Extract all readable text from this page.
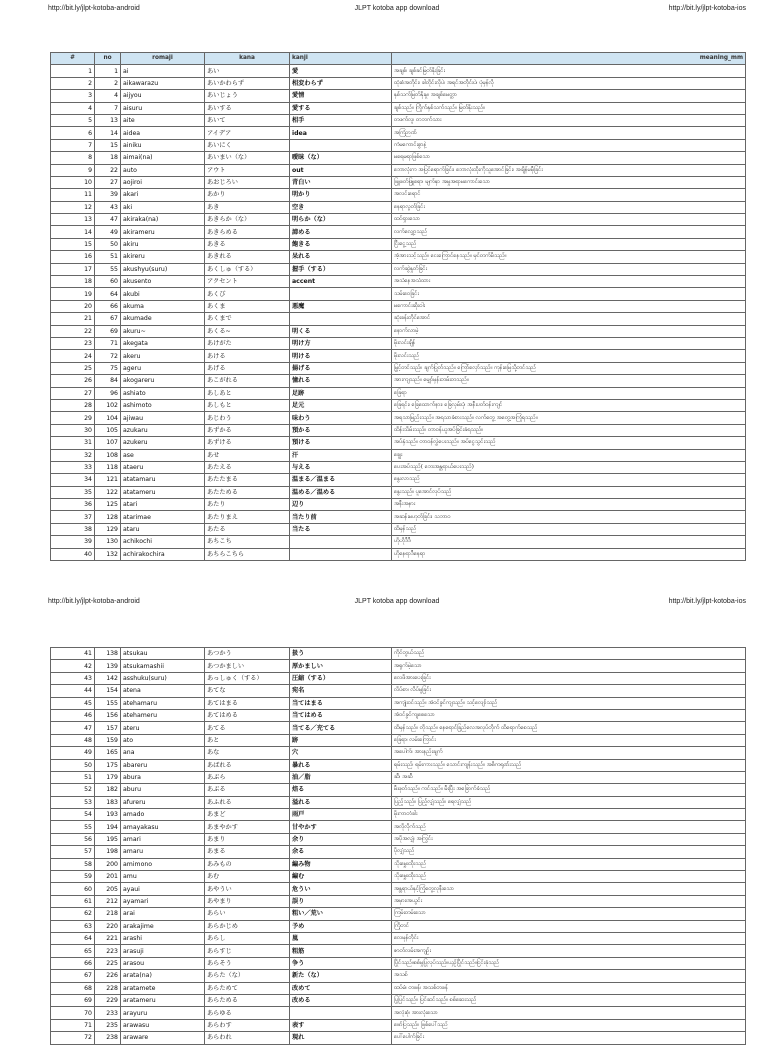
http://bit.ly/jlpt-kotoba-android	JLPT kotoba app download	http://bit.ly/jlpt-kotoba-ios
#	no	romaji	kana	kanji	meaning_mm
1	1	ai	あい	愛	အချစ်၊ ချစ်ခင်မြတ်နိုးခြင်း
2	2	aikawarazu	あいかわらず	相変わらず	ထုံးစံအတိုင်း၊ ခါတိုင်းလိုပဲ၊ အရင်အတိုင်းပဲ၊ ပုံမှန်လို
3	4	aijyou	あいじょう	愛情	နှစ်သက်မြတ်နိုးမှု၊ အချစ်မေတ္တာ
4	7	aisuru	あいする	愛する	ချစ်သည်။ ကြိုက်နှစ်သက်သည်။ မြတ်နိုးသည်။
5	13	aite	あいて	相手	တဖက်လူ၊ တဘက်သား
6	14	aidea	アイデア	idea	အကြံဉာဏ်
7	15	ainiku	あいにく		ကံမကောင်းစွာနဲ့
8	18	aimai(na)	あいまい（な）	曖昧（な）	မရေမရာဖြစ်သော
9	22	auto	アウト	out	ဘောလုံးက အပြင်ရောက်ခြင်း၊ ဘောလုံးထိုးကိုသူအောင်ခြင်း၊ အချိန်မမှီခြင်း
10	27	aojiroi	あおじろい	青白い	ဖြူဖတ်ဖြူရော၊ မျက်နှာ အမှုအရာမကောင်းသော
11	39	akari	あかり	明かり	အလင်းရောင်
12	43	aki	あき	空き	နေရာလွတ်ခြင်း
13	47	akiraka(na)	あきらか（な）	明らか（な）	ထင်ရှားသော
14	49	akirameru	あきらめる	諦める	လက်လျှော့သည်
15	50	akiru	あきる	飽きる	ငြီးငွေ့သည်
16	51	akireru	あきれる	呆れる	အံ့အားသင့်သည်။ ငေးကြောင်နေသည်။ မှင်တက်မိသည်။
17	55	akushyu(suru)	あくしゅ（する）	握手（する）	လက်ဆွဲနှုတ်ခြင်း
18	60	akusento	アクセント	accent	အသံနေအသံထား
19	64	akubi	あくび		သမ်းဝေခြင်း
20	66	akuma	あくま	悪魔	မကောင်းဆိုးဝါး
21	67	akumade	あくまで		ဆုံးခန်းတိုင်အောင်
22	69	akuru~	あくる~	明くる	နောက်လာမဲ့
23	71	akegata	あけがた	明け方	မိုးလင်းချိန်
24	72	akeru	あける	明ける	မိုးလင်းသည်
25	75	ageru	あげる	揚げる	မြှင့်တင်သည်။ ချက်ပြုတ်သည်။ ကြော်လှော်သည်။ ကုန်းမြေသို့တင်သည်
26	84	akogareru	あこがれる	憧れる	အားကျသည်။ မျှော်မှန်းတမ်းတသည်။
27	96	ashiato	あしあと	足跡	ခြေရာ
28	102	ashimoto	あしもと	足元	ခြေရင်း၊ ခြေထောက်နား၊ ခြေလှမ်းပုံ၊ အနီးပတ်ဝန်းကျင်
29	104	ajiwau	あじわう	味わう	အရသာမြည်းသည်။ အရသာခံစားသည်။ လက်တွေ့ အတွေ့အကြုံရသည်။
30	105	azukaru	あずかる	預かる	ထိန်းသိမ်းသည်။ တာဝန်ယူအပ်ခြင်းခံရသည်။
31	107	azukeru	あずける	預ける	အပ်နှံသည်။ တာဝန်လွှဲပေးသည်။ အပ်ငွေသွင်းသည်
32	108	ase	あせ	汗	ချွေး
33	118	ataeru	あたえる	与える	ပေးအပ်သည်( ဘေးအန္တရာယ်ပေးသည်)
34	121	atatamaru	あたたまる	温まる／温まる	နွေးလာသည်
35	122	atatameru	あたためる	温める／温める	နွေးသည်။ ပူအောင်လုပ်သည်
36	125	atari	あたり	辺り	အနီးအနား
37	128	atarimae	あたりまえ	当たり前	အဆန်းမဟုတ်ခြင်း၊ သဘာဝ
38	129	ataru	あたる	当たる	ထိမှန်သည်
39	130	achikochi	あちこち		ဟိုဟိုဒီဒီ
40	132	achirakochira	あちらこちら		ဟိုနေရာဒီနေရာ
http://bit.ly/jlpt-kotoba-android	JLPT kotoba app download	http://bit.ly/jlpt-kotoba-ios
41	138	atsukau	あつかう	扱う	ကိုင်တွယ်သည်
42	139	atsukamashii	あつかましい	厚かましい	အရှက်မဲ့သော
43	142	asshuku(suru)	あっしゅく（する）	圧縮（する）	လေဖိအားပေးခြင်း
44	154	atena	あてな	宛名	လိပ်စာ၊ လိပ်မူခြင်း
45	155	atehamaru	あてはまる	当てはまる	အကျုံးဝင်သည်။ အံဝင်ခွင်ကျသည်။ သင့်လျော်သည်
46	156	atehameru	あてはめる	当てはめる	အံဝင်ခွင်ကျစေသော
47	157	ateru	あてる	当てる／充てる	ထိမှန်သည်။ တိုသည်။ နေရောင်ခြည်လေအလုပ်တိုက် ထိရောက်စေသည်
48	159	ato	あと	跡	ခြေရာ၊ လမ်းကြောင်း
49	165	ana	あな	穴	အပေါက်၊ အားနည်းချက်
50	175	abareru	あばれる	暴れる	ရမ်းသည်၊ ရမ်းကားသည်။ သောင်းကျန်းသည်။ အဓိကရုဏ်းသည်
51	179	abura	あぶら	油／脂	ဆီ၊ အဆီ
52	182	aburu	あぶる	焙る	မီးဖုတ်သည်။ ကင်သည်။ မီးပြီး အခြောက်ခံသည်
53	183	afureru	あふれる	溢れる	ပြည့်သည်။ ပြည့်လျှံသည်။ ရေလျှံသည်
54	193	amado	あまど	雨戸	မိုးကာတံခါး
55	194	amayakasu	あまやかす	甘やかす	အလိုလိုက်သည်
56	195	amari	あまり	余り	အပိုအလျှံ၊ အကြွင်း
57	198	amaru	あまる	余る	ပိုလျှံသည်
58	200	amimono	あみもの	編み物	သိုးမွှေးထိုးသည်
59	201	amu	あむ	編む	သိုးမွှေးထိုးသည်
60	205	ayaui	あやうい	危うい	အန္တရာယ်နှင့်ကြုံတွေ့လုနီးသော
61	212	ayamari	あやまり	誤り	အမှား၊အယွင်း
62	218	arai	あらい	粗い／荒い	ကြမ်းတမ်းသော
63	220	arakajime	あらかじめ	予め	ကြိုတင်
64	221	arashi	あらし	嵐	လေမုန်တိုင်း
65	223	arasuji	あらすじ	粗筋	ဇာတ်လမ်းအကျဉ်း
66	225	arasou	あらそう	争う	ပြိုင်သည်။စစ်မှုပြုလုပ်သည်။ယှဉ်ပြိုင်သည်။ငြင်းခုံသည်
67	226	arata(na)	あらた（な）	新た（な）	အသစ်
68	228	aratamete	あらためて	改めて	ထပ်မံ၊ တဖန်၊ အသစ်တဖန်
69	229	aratameru	あらためる	改める	ပြုပြင်သည်။ ပြင်ဆင်သည်။ စစ်ဆေးသည်
70	233	arayuru	あらゆる		အလုံးစုံ၊ အားလုံးသော
71	235	arawasu	あらわす	表す	ဖော်ပြသည်။ ဖြစ်ပေါ်သည်
72	238	araware	あらわれ	現れ	ပေါ်ပေါက်ခြင်း
